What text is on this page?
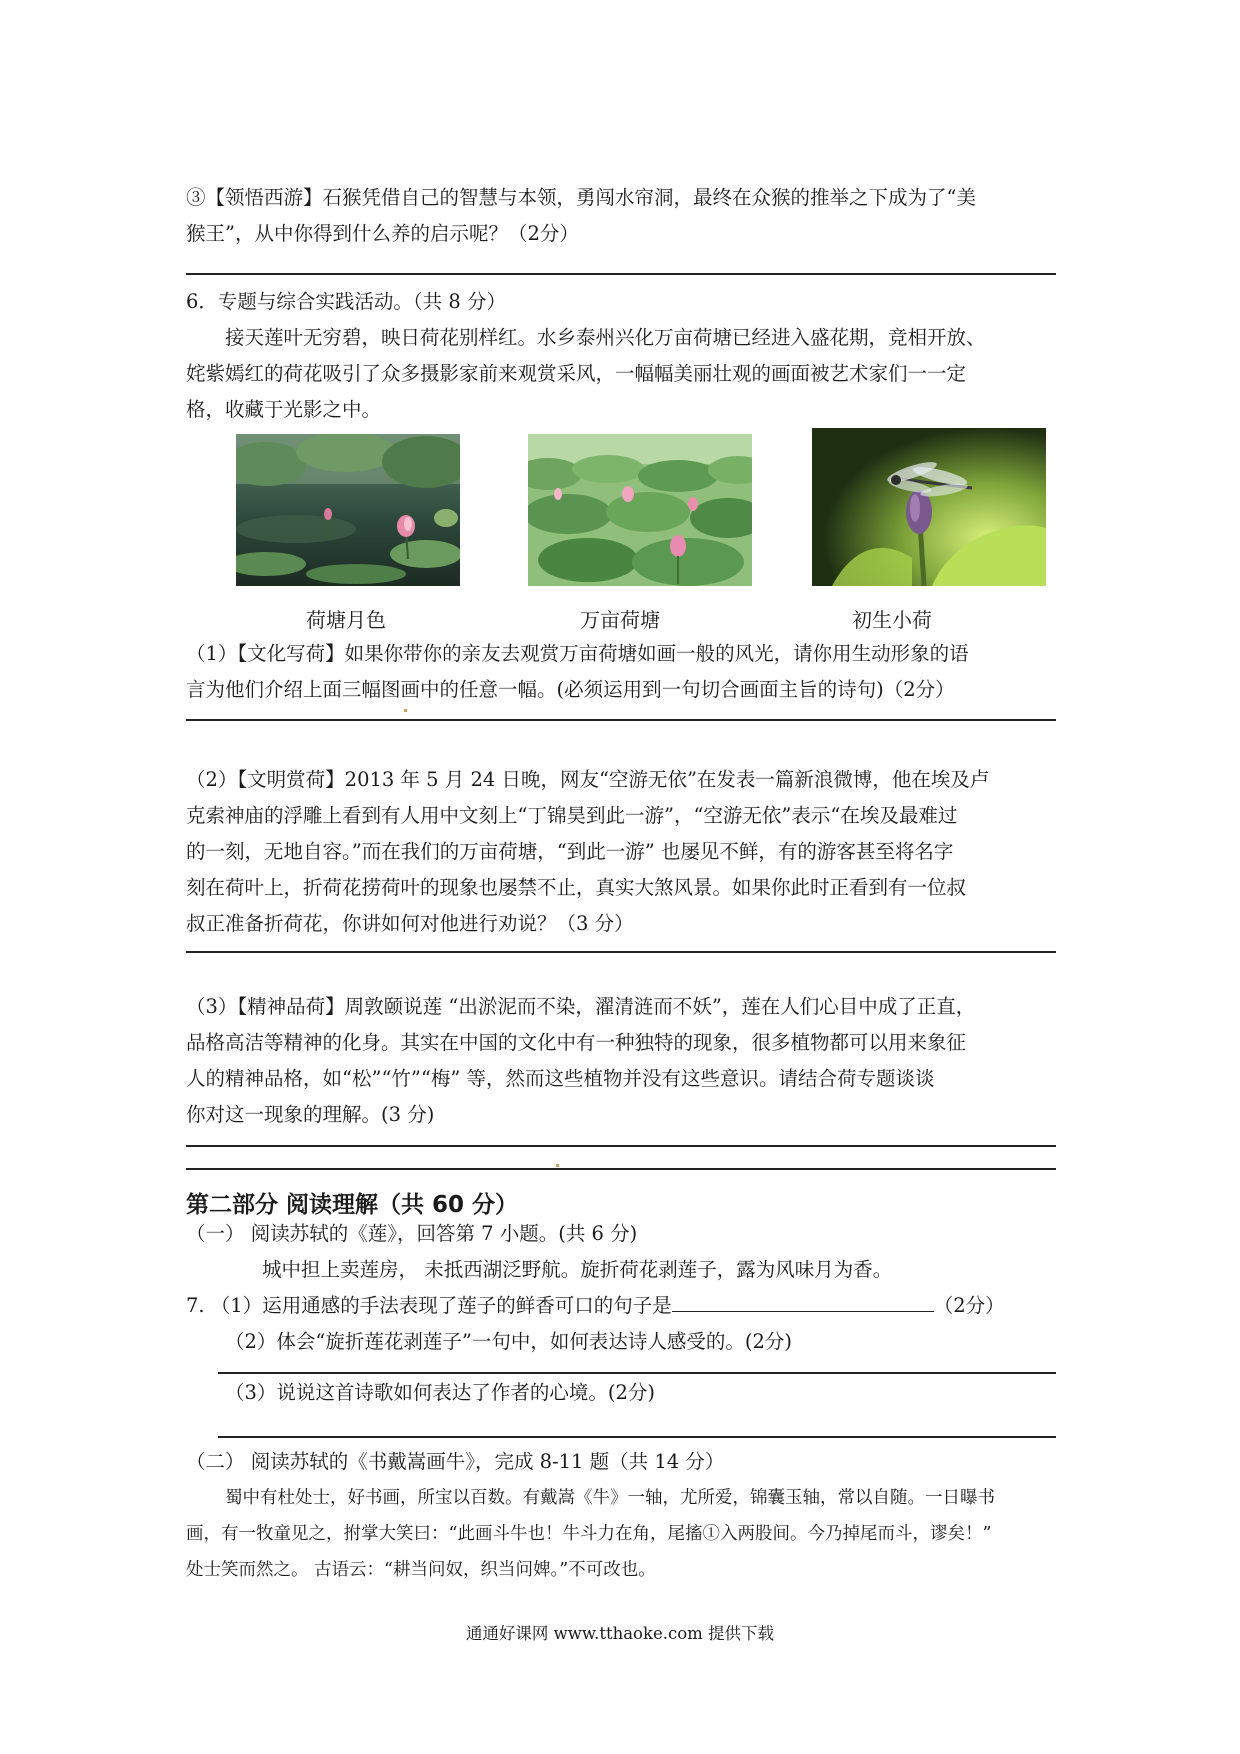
③【领悟西游】石猴凭借自己的智慧与本领，勇闯水帘洞，最终在众猴的推举之下成为了“美
猴王”，从中你得到什么养的启示呢？（2分）
6．专题与综合实践活动。（共 8 分）
接天莲叶无穷碧，映日荷花别样红。水乡泰州兴化万亩荷塘已经进入盛花期，竞相开放、
姹紫嫣红的荷花吸引了众多摄影家前来观赏采风，一幅幅美丽壮观的画面被艺术家们一一定
格，收藏于光影之中。
荷塘月色	万亩荷塘	初生小荷
（1）【文化写荷】如果你带你的亲友去观赏万亩荷塘如画一般的风光，请你用生动形象的语
言为他们介绍上面三幅图画中的任意一幅。(必须运用到一句切合画面主旨的诗句)（2分）
（2）【文明赏荷】2013 年 5 月 24 日晚，网友“空游无依”在发表一篇新浪微博，他在埃及卢
克索神庙的浮雕上看到有人用中文刻上“丁锦昊到此一游”，“空游无依”表示“在埃及最难过
的一刻，无地自容。”而在我们的万亩荷塘，“到此一游” 也屡见不鲜，有的游客甚至将名字
刻在荷叶上，折荷花捞荷叶的现象也屡禁不止，真实大煞风景。如果你此时正看到有一位叔
叔正准备折荷花，你讲如何对他进行劝说？（3 分）
（3）【精神品荷】周敦颐说莲 “出淤泥而不染，濯清涟而不妖”，莲在人们心目中成了正直，
品格高洁等精神的化身。其实在中国的文化中有一种独特的现象，很多植物都可以用来象征
人的精神品格，如“松”“竹”“梅” 等，然而这些植物并没有这些意识。请结合荷专题谈谈
你对这一现象的理解。(3 分)
第二部分 阅读理解（共 60 分）
（一） 阅读苏轼的《莲》，回答第 7 小题。(共 6 分)
城中担上卖莲房， 未抵西湖泛野航。旋折荷花剥莲子，露为风味月为香。
7. （1）运用通感的手法表现了莲子的鲜香可口的句子是	（2分）
（2）体会“旋折莲花剥莲子”一句中，如何表达诗人感受的。(2分)
（3）说说这首诗歌如何表达了作者的心境。(2分)
（二） 阅读苏轼的《书戴嵩画牛》，完成 8-11 题（共 14 分）
蜀中有杜处士，好书画，所宝以百数。有戴嵩《牛》一轴，尤所爱，锦囊玉轴，常以自随。一日曝书
画，有一牧童见之，拊掌大笑曰：“此画斗牛也！牛斗力在角，尾搐①入两股间。今乃掉尾而斗，谬矣！”
处士笑而然之。 古语云：“耕当问奴，织当问婢。”不可改也。
通通好课网 www.tthaoke.com 提供下载
